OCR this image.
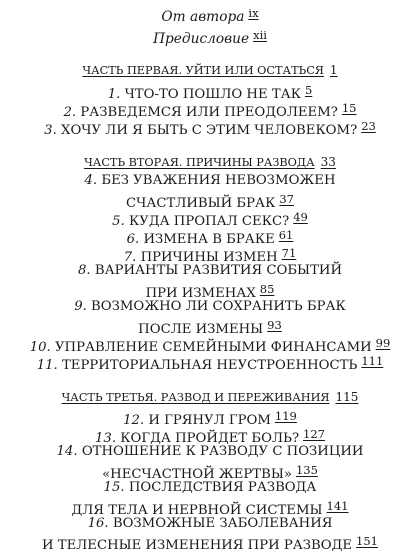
От автора $^{ix}$
Предисловие $^{xii}$
ЧАСТЬ ПЕРВАЯ. УЙТИ ИЛИ ОСТАТЬСЯ 1
1. ЧТО-ТО ПОШЛО НЕ ТАК 5
2. РАЗВЕДЕМСЯ ИЛИ ПРЕОДОЛЕЕМ? 15
3. ХОЧУ ЛИ Я БЫТЬ С ЭТИМ ЧЕЛОВЕКОМ? 23
ЧАСТЬ ВТОРАЯ. ПРИЧИНЫ РАЗВОДА 33
4. БЕЗ УВАЖЕНИЯ НЕВОЗМОЖЕН
СЧАСТЛИВЫЙ БРАК 37
5. КУДА ПРОПАЛ СЕКС? 49
6. ИЗМЕНА В БРАКЕ 61
7. ПРИЧИНЫ ИЗМЕН 71
8. ВАРИАНТЫ РАЗВИТИЯ СОБЫТИЙ
ПРИ ИЗМЕНАХ 85
9. ВОЗМОЖНО ЛИ СОХРАНИТЬ БРАК
ПОСЛЕ ИЗМЕНЫ 93
10. УПРАВЛЕНИЕ СЕМЕЙНЫМИ ФИНАНСАМИ 99
11. ТЕРРИТОРИАЛЬНАЯ НЕУСТРОЕННОСТЬ 111
ЧАСТЬ ТРЕТЬЯ. РАЗВОД И ПЕРЕЖИВАНИЯ 115
12. И ГРЯНУЛ ГРОМ 119
13. КОГДА ПРОЙДЕТ БОЛЬ? 127
14. ОТНОШЕНИЕ К РАЗВОДУ С ПОЗИЦИИ
«НЕСЧАСТНОЙ ЖЕРТВЫ» 135
15. ПОСЛЕДСТВИЯ РАЗВОДА
ДЛЯ ТЕЛА И НЕРВНОЙ СИСТЕМЫ 141
16. ВОЗМОЖНЫЕ ЗАБОЛЕВАНИЯ
И ТЕЛЕСНЫЕ ИЗМЕНЕНИЯ ПРИ РАЗВОДЕ 151
